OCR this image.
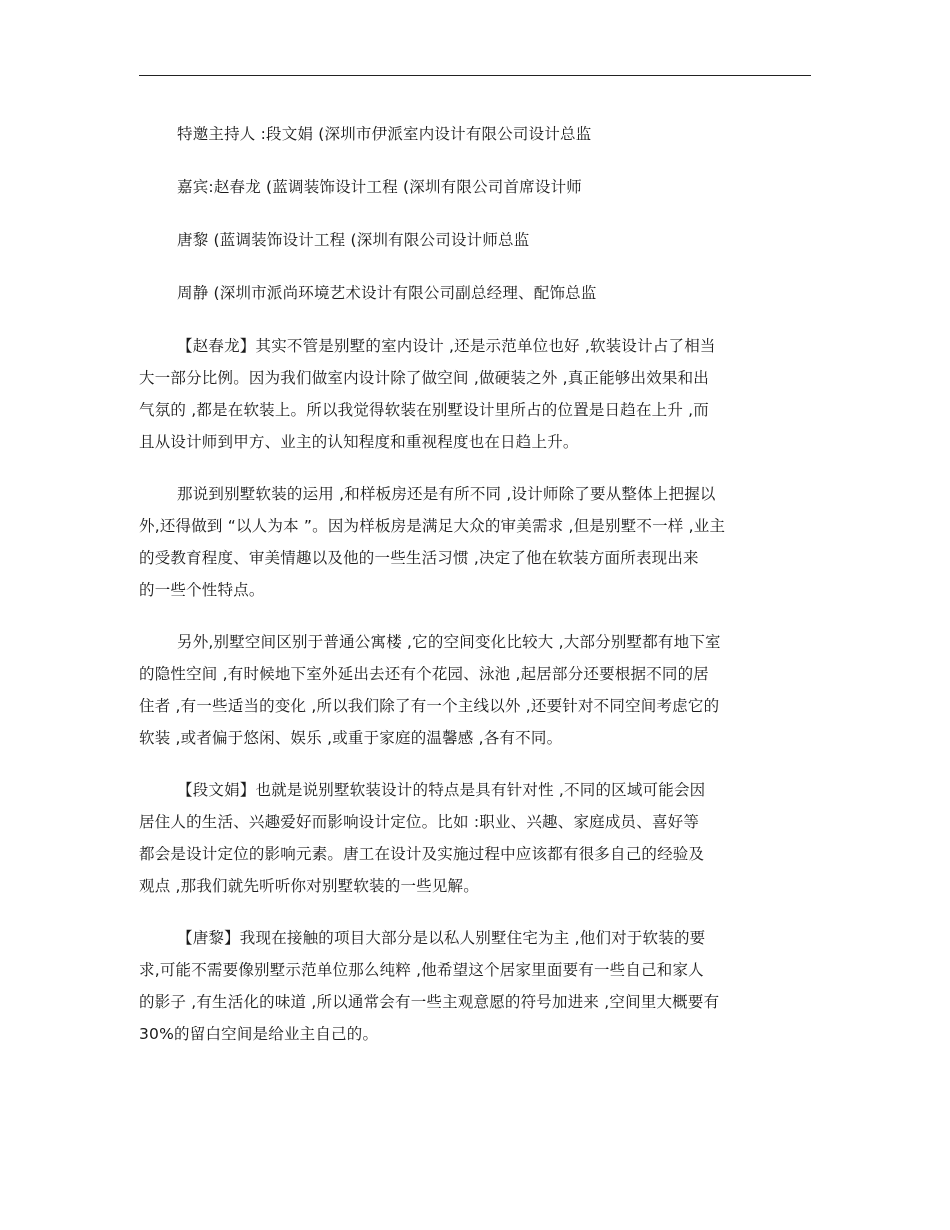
特邀主持人 :段文娟 (深圳市伊派室内设计有限公司设计总监

嘉宾:赵春龙 (蓝调装饰设计工程 (深圳有限公司首席设计师

唐黎 (蓝调装饰设计工程 (深圳有限公司设计师总监

周静 (深圳市派尚环境艺术设计有限公司副总经理、配饰总监

【赵春龙】其实不管是别墅的室内设计 ,还是示范单位也好 ,软装设计占了相当

大一部分比例。因为我们做室内设计除了做空间 ,做硬装之外 ,真正能够出效果和出

气氛的 ,都是在软装上。所以我觉得软装在别墅设计里所占的位置是日趋在上升 ,而

且从设计师到甲方、业主的认知程度和重视程度也在日趋上升。

那说到别墅软装的运用 ,和样板房还是有所不同 ,设计师除了要从整体上把握以

外,还得做到 “以人为本 ”。因为样板房是满足大众的审美需求 ,但是别墅不一样 ,业主

的受教育程度、审美情趣以及他的一些生活习惯 ,决定了他在软装方面所表现出来

的一些个性特点。

另外,别墅空间区别于普通公寓楼 ,它的空间变化比较大 ,大部分别墅都有地下室

的隐性空间 ,有时候地下室外延出去还有个花园、泳池 ,起居部分还要根据不同的居

住者 ,有一些适当的变化 ,所以我们除了有一个主线以外 ,还要针对不同空间考虑它的

软装 ,或者偏于悠闲、娱乐 ,或重于家庭的温馨感 ,各有不同。

【段文娟】也就是说别墅软装设计的特点是具有针对性 ,不同的区域可能会因

居住人的生活、兴趣爱好而影响设计定位。比如 :职业、兴趣、家庭成员、喜好等

都会是设计定位的影响元素。唐工在设计及实施过程中应该都有很多自己的经验及

观点 ,那我们就先听听你对别墅软装的一些见解。

【唐黎】我现在接触的项目大部分是以私人别墅住宅为主 ,他们对于软装的要

求,可能不需要像别墅示范单位那么纯粹 ,他希望这个居家里面要有一些自己和家人

的影子 ,有生活化的味道 ,所以通常会有一些主观意愿的符号加进来 ,空间里大概要有

30%的留白空间是给业主自己的。
